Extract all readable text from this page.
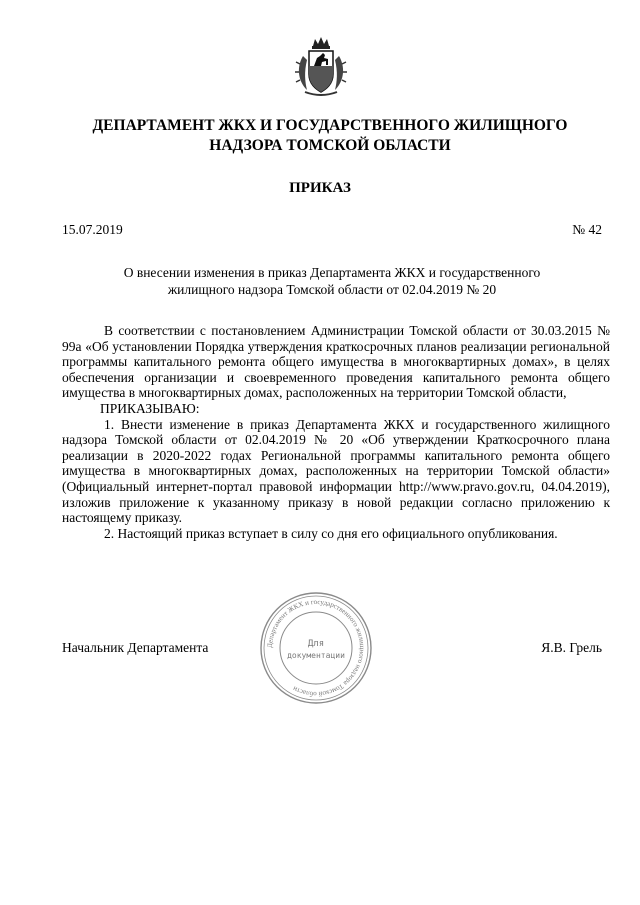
ДЕПАРТАМЕНТ ЖКХ И ГОСУДАРСТВЕННОГО ЖИЛИЩНОГО
НАДЗОРА ТОМСКОЙ ОБЛАСТИ
ПРИКАЗ
15.07.2019	№ 42
О внесении изменения в приказ Департамента ЖКХ и государственного
жилищного надзора Томской области от 02.04.2019 № 20

В соответствии с постановлением Администрации Томской области от 30.03.2015 № 99а «Об установлении Порядка утверждения краткосрочных планов реализации региональной программы капитального ремонта общего имущества в многоквартирных домах», в целях обеспечения организации и своевременного проведения капитального ремонта общего имущества в многоквартирных домах, расположенных на территории Томской области,

ПРИКАЗЫВАЮ:

1. Внести изменение в приказ Департамента ЖКХ и государственного жилищного надзора Томской области от 02.04.2019 № 20 «Об утверждении Краткосрочного плана реализации в 2020-2022 годах Региональной программы капитального ремонта общего имущества в многоквартирных домах, расположенных на территории Томской области» (Официальный интернет-портал правовой информации http://www.pravo.gov.ru, 04.04.2019), изложив приложение к указанному приказу в новой редакции согласно приложению к настоящему приказу.

2. Настоящий приказ вступает в силу со дня его официального опубликования.

Начальник Департамента	Я.В. Грель
Департамент ЖКХ и государственного жилищного надзора Томской области
Для
документации
